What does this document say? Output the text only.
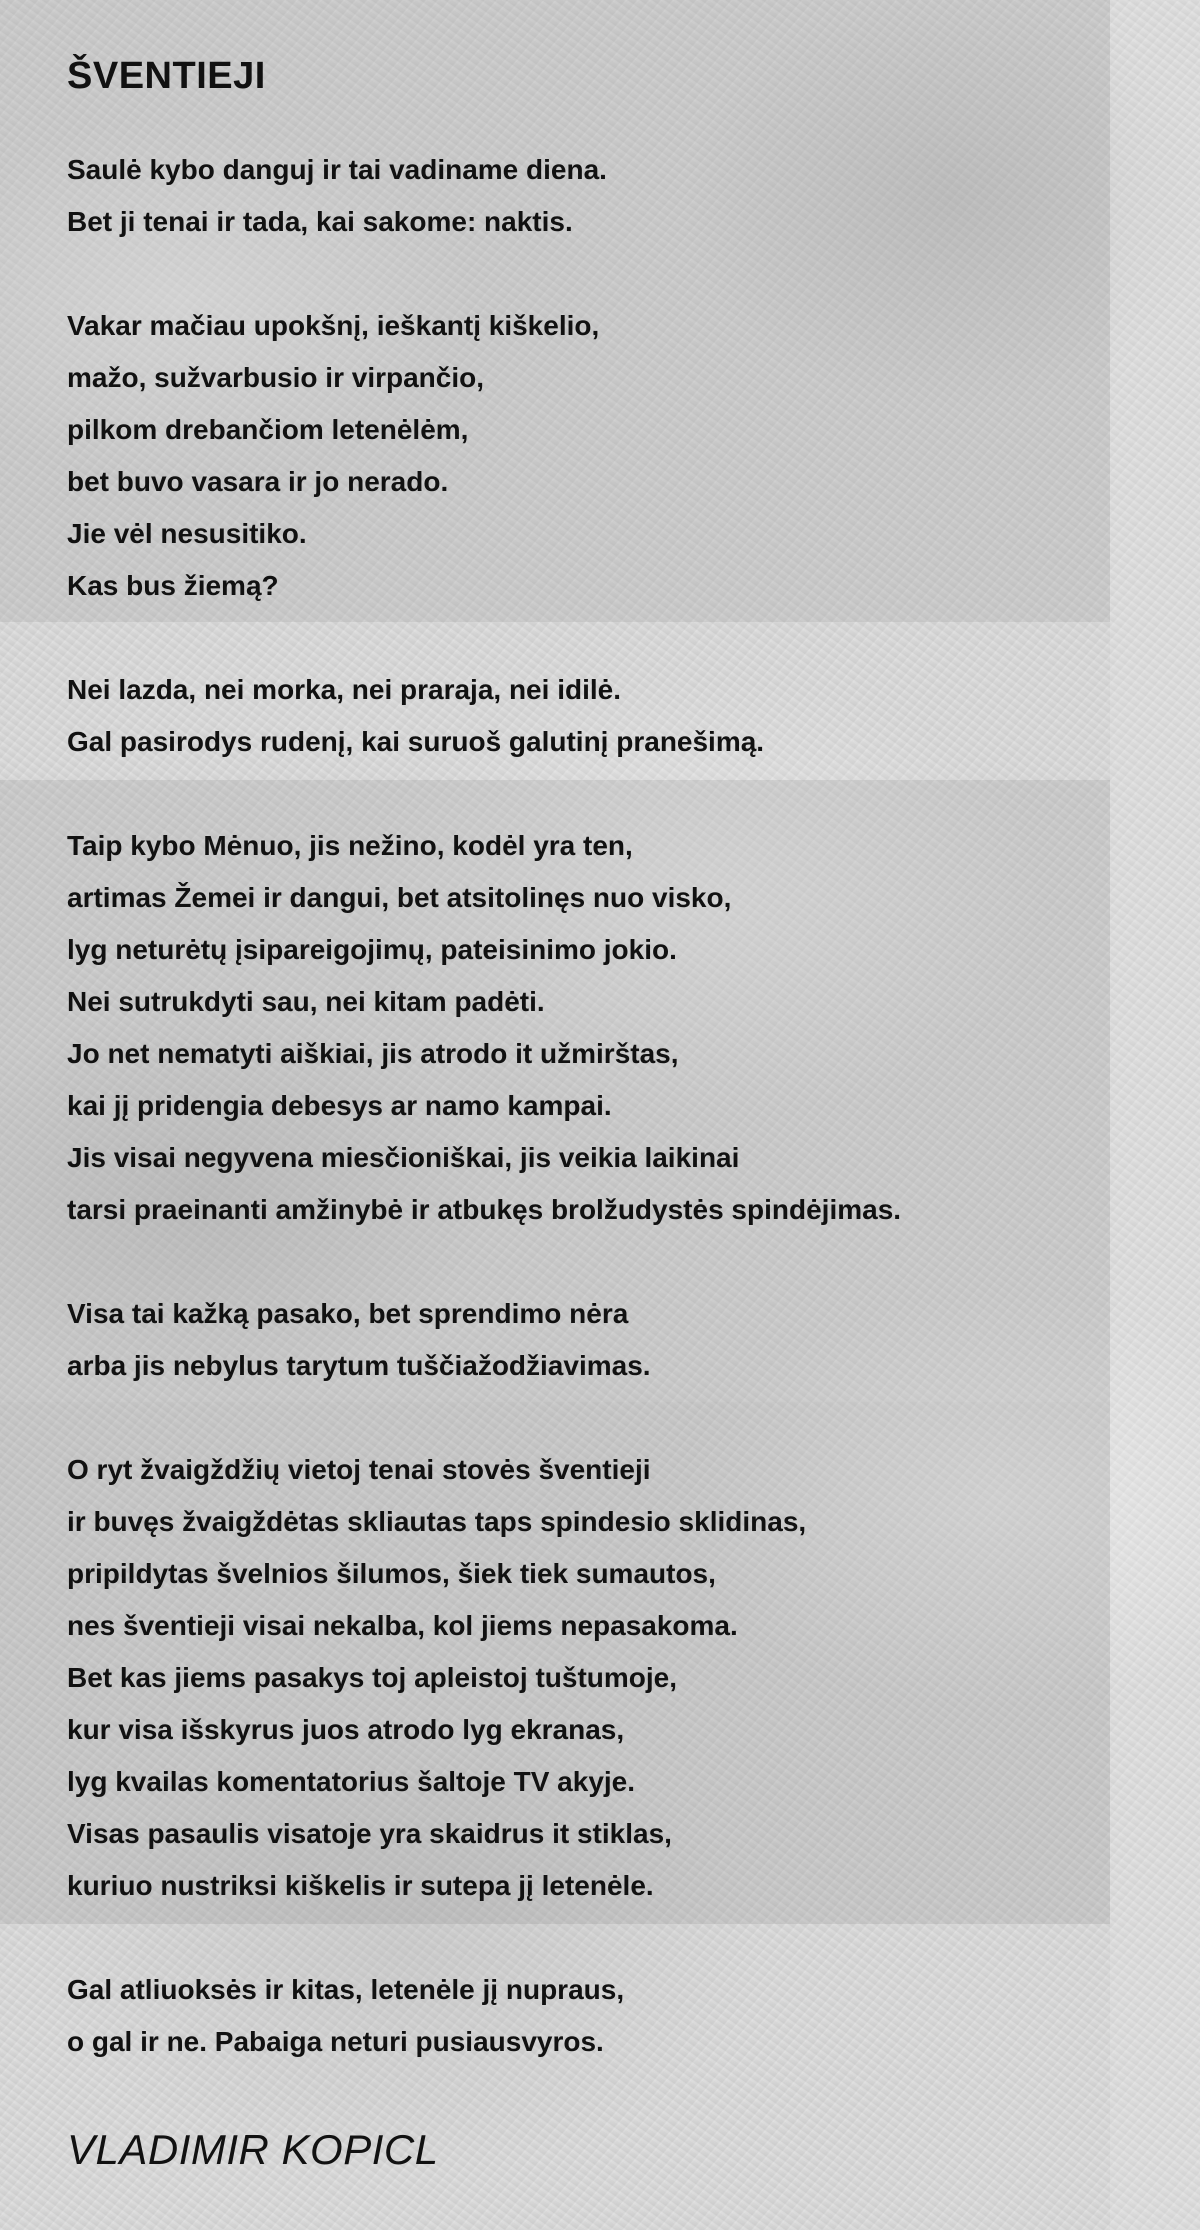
ŠVENTIEJI
Saulė kybo danguj ir tai vadiname diena.
Bet ji tenai ir tada, kai sakome: naktis.
Vakar mačiau upokšnį, ieškantį kiškelio,
mažo, sužvarbusio ir virpančio,
pilkom drebančiom letenėlėm,
bet buvo vasara ir jo nerado.
Jie vėl nesusitiko.
Kas bus žiemą?
Nei lazda, nei morka, nei praraja, nei idilė.
Gal pasirodys rudenį, kai suruoš galutinį pranešimą.
Taip kybo Mėnuo, jis nežino, kodėl yra ten,
artimas Žemei ir dangui, bet atsitolinęs nuo visko,
lyg neturėtų įsipareigojimų, pateisinimo jokio.
Nei sutrukdyti sau, nei kitam padėti.
Jo net nematyti aiškiai, jis atrodo it užmirštas,
kai jį pridengia debesys ar namo kampai.
Jis visai negyvena miesčioniškai, jis veikia laikinai
tarsi praeinanti amžinybė ir atbukęs brolžudystės spindėjimas.
Visa tai kažką pasako, bet sprendimo nėra
arba jis nebylus tarytum tuščiažodžiavimas.
O ryt žvaigždžių vietoj tenai stovės šventieji
ir buvęs žvaigždėtas skliautas taps spindesio sklidinas,
pripildytas švelnios šilumos, šiek tiek sumautos,
nes šventieji visai nekalba, kol jiems nepasakoma.
Bet kas jiems pasakys toj apleistoj tuštumoje,
kur visa išskyrus juos atrodo lyg ekranas,
lyg kvailas komentatorius šaltoje TV akyje.
Visas pasaulis visatoje yra skaidrus it stiklas,
kuriuo nustriksi kiškelis ir sutepa jį letenėle.
Gal atliuoksės ir kitas, letenėle jį nupraus,
o gal ir ne. Pabaiga neturi pusiausvyros.
VLADIMIR KOPICL
